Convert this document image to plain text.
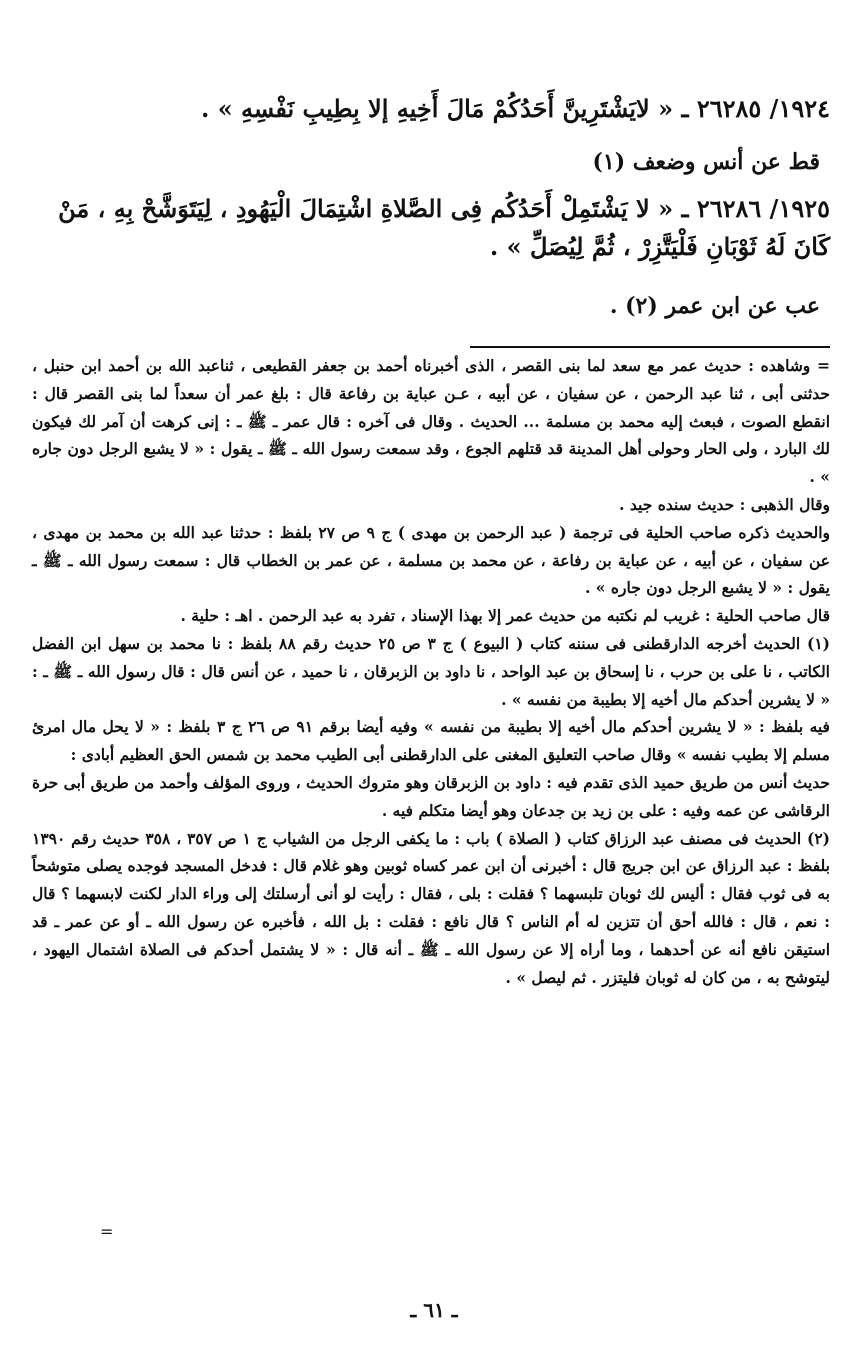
١٩٢٤/ ٢٦٢٨٥ ـ « لايَشْتَرِينَّ أَحَدُكُمْ مَالَ أَخِيهِ إلا بِطِيبِ نَفْسِهِ » .

قط عن أنس وضعف (١)

١٩٢٥/ ٢٦٢٨٦ ـ « لا يَشْتَمِلْ أَحَدُكُم فِى الصَّلاةِ اشْتِمَالَ الْيَهُودِ ، لِيَتَوَشَّحْ بِهِ ، مَنْ كَانَ لَهُ ثَوْبَانِ فَلْيَتَّزِرْ ، ثُمَّ لِيُصَلِّ » .

عب عن ابن عمر (٢) .

= وشاهده : حديث عمر مع سعد لما بنى القصر ، الذى أخبرناه أحمد بن جعفر القطيعى ، ثناعبد الله بن أحمد ابن حنبل ، حدثنى أبى ، ثنا عبد الرحمن ، عن سفيان ، عن أبيه ، عـن عباية بن رفاعة قال : بلغ عمر أن سعداً لما بنى القصر قال : انقطع الصوت ، فبعث إليه محمد بن مسلمة ... الحديث . وقال فى آخره : قال عمر ـ ﷺ ـ : إنى كرهت أن آمر لك فيكون لك البارد ، ولى الحار وحولى أهل المدينة قد قتلهم الجوع ، وقد سمعت رسول الله ـ ﷺ ـ يقول : « لا يشبع الرجل دون جاره » .

وقال الذهبى : حديث سنده جيد .

والحديث ذكره صاحب الحلية فى ترجمة ( عبد الرحمن بن مهدى ) ج ٩ ص ٢٧ بلفظ : حدثنا عبد الله بن محمد بن مهدى ، عن سفيان ، عن أبيه ، عن عباية بن رفاعة ، عن محمد بن مسلمة ، عن عمر بن الخطاب قال : سمعت رسول الله ـ ﷺ ـ يقول : « لا يشبع الرجل دون جاره » .

قال صاحب الحلية : غريب لم نكتبه من حديث عمر إلا بهذا الإسناد ، تفرد به عبد الرحمن . اهـ : حلية .

(١) الحديث أخرجه الدارقطنى فى سننه كتاب ( البيوع ) ج ٣ ص ٢٥ حديث رقم ٨٨ بلفظ : نا محمد بن سهل ابن الفضل الكاتب ، نا على بن حرب ، نا إسحاق بن عبد الواحد ، نا داود بن الزبرقان ، نا حميد ، عن أنس قال : قال رسول الله ـ ﷺ ـ : « لا يشرين أحدكم مال أخيه إلا بطيبة من نفسه » .

فيه بلفظ : « لا يشرين أحدكم مال أخيه إلا بطيبة من نفسه » وفيه أيضا برقم ٩١ ص ٢٦ ج ٣ بلفظ : « لا يحل مال امرئ مسلم إلا بطيب نفسه » وقال صاحب التعليق المغنى على الدارقطنى أبى الطيب محمد بن شمس الحق العظيم أبادى :

حديث أنس من طريق حميد الذى تقدم فيه : داود بن الزبرقان وهو متروك الحديث ، وروى المؤلف وأحمد من طريق أبى حرة الرقاشى عن عمه وفيه : على بن زيد بن جدعان وهو أيضا متكلم فيه .

(٢) الحديث فى مصنف عبد الرزاق كتاب ( الصلاة ) باب : ما يكفى الرجل من الشياب ج ١ ص ٣٥٧ ، ٣٥٨ حديث رقم ١٣٩٠ بلفظ : عبد الرزاق عن ابن جريج قال : أخبرنى أن ابن عمر كساه ثوبين وهو غلام قال : فدخل المسجد فوجده يصلى متوشحاً به فى ثوب فقال : أليس لك ثوبان تلبسهما ؟ فقلت : بلى ، فقال : رأيت لو أنى أرسلتك إلى وراء الدار لكنت لابسهما ؟ قال : نعم ، قال : فالله أحق أن تتزين له أم الناس ؟ قال نافع : فقلت : بل الله ، فأخبره عن رسول الله ـ أو عن عمر ـ قد استيقن نافع أنه عن أحدهما ، وما أراه إلا عن رسول الله ـ ﷺ ـ أنه قال : « لا يشتمل أحدكم فى الصلاة اشتمال اليهود ، ليتوشح به ، من كان له ثوبان فليتزر . ثم ليصل » .

=
ـ ٦١ ـ
